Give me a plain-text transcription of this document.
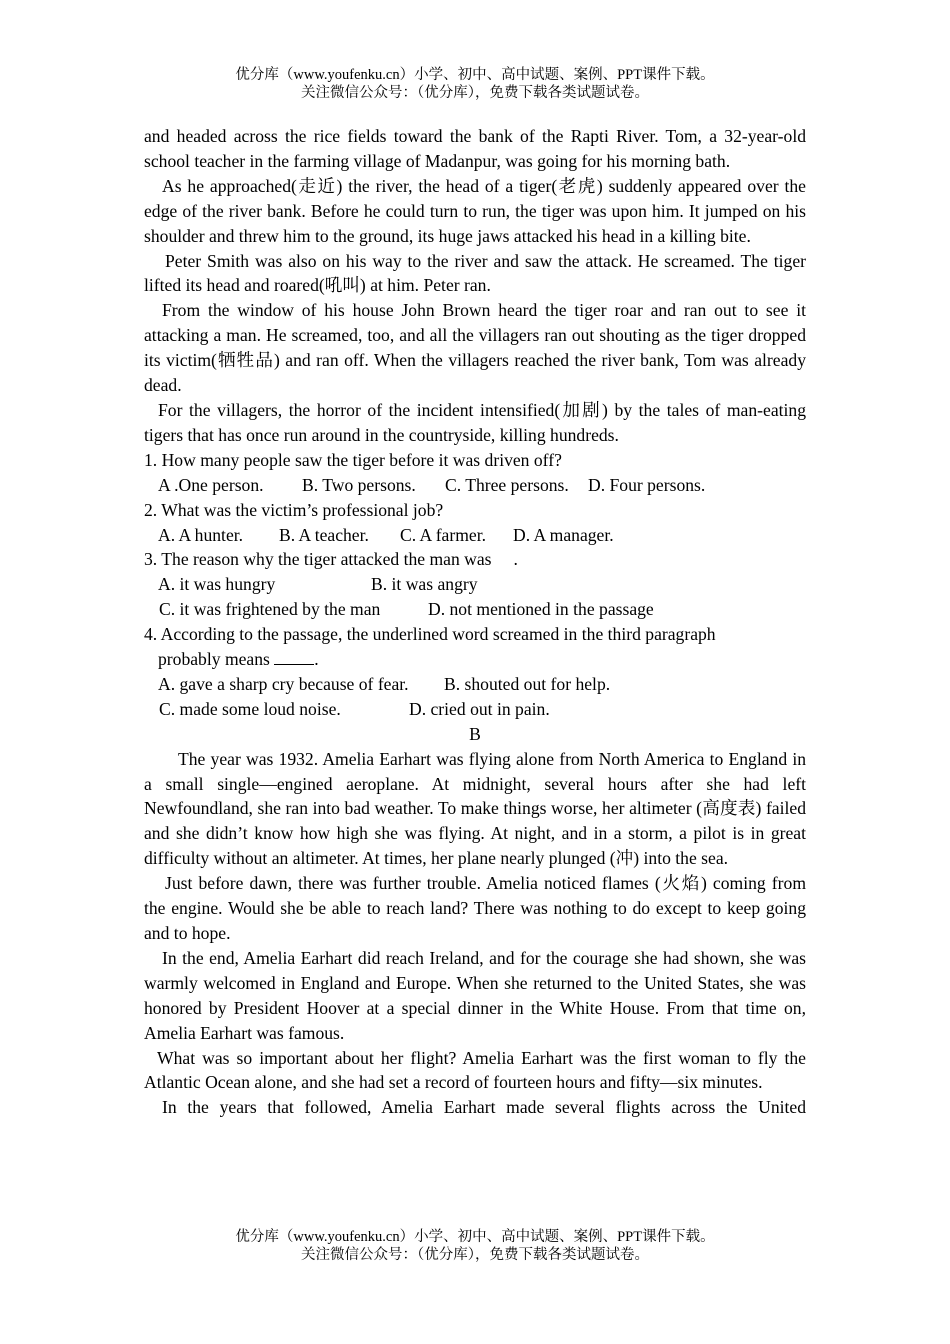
优分库（www.youfenku.cn）小学、初中、高中试题、案例、PPT课件下载。
关注微信公众号：（优分库），免费下载各类试题试卷。

and headed across the rice fields toward the bank of the Rapti River. Tom, a 32-year-old school teacher in the farming village of Madanpur, was going for his morning bath.

As he approached(走近) the river, the head of a tiger(老虎) suddenly appeared over the edge of the river bank. Before he could turn to run, the tiger was upon him. It jumped on his shoulder and threw him to the ground, its huge jaws attacked his head in a killing bite.

Peter Smith was also on his way to the river and saw the attack. He screamed. The tiger lifted its head and roared(吼叫) at him. Peter ran.

From the window of his house John Brown heard the tiger roar and ran out to see it attacking a man. He screamed, too, and all the villagers ran out shouting as the tiger dropped its victim(牺牲品) and ran off. When the villagers reached the river bank, Tom was already dead.

For the villagers, the horror of the incident intensified(加剧) by the tales of man-eating tigers that has once run around in the countryside, killing hundreds.

1. How many people saw the tiger before it was driven off?

A .One person. B. Two persons. C. Three persons. D. Four persons.

2. What was the victim’s professional job?

A. A hunter. B. A teacher. C. A farmer. D. A manager.

3. The reason why the tiger attacked the man was .

A. it was hungry	B. it was angry

C. it was frightened by the man	D. not mentioned in the passage

4. According to the passage, the underlined word screamed in the third paragraph

probably means	.

A. gave a sharp cry because of fear. B. shouted out for help.

C. made some loud noise.	D. cried out in pain.

B

The year was 1932. Amelia Earhart was flying alone from North America to England in a small single—engined aeroplane. At midnight, several hours after she had left Newfoundland, she ran into bad weather. To make things worse, her altimeter (高度表) failed and she didn’t know how high she was flying. At night, and in a storm, a pilot is in great difficulty without an altimeter. At times, her plane nearly plunged (冲) into the sea.

Just before dawn, there was further trouble. Amelia noticed flames (火焰) coming from the engine. Would she be able to reach land? There was nothing to do except to keep going and to hope.

In the end, Amelia Earhart did reach Ireland, and for the courage she had shown, she was warmly welcomed in England and Europe. When she returned to the United States, she was honored by President Hoover at a special dinner in the White House. From that time on, Amelia Earhart was famous.

What was so important about her flight? Amelia Earhart was the first woman to fly the Atlantic Ocean alone, and she had set a record of fourteen hours and fifty—six minutes.

In the years that followed, Amelia Earhart made several flights across the United

优分库（www.youfenku.cn）小学、初中、高中试题、案例、PPT课件下载。
关注微信公众号：（优分库），免费下载各类试题试卷。
